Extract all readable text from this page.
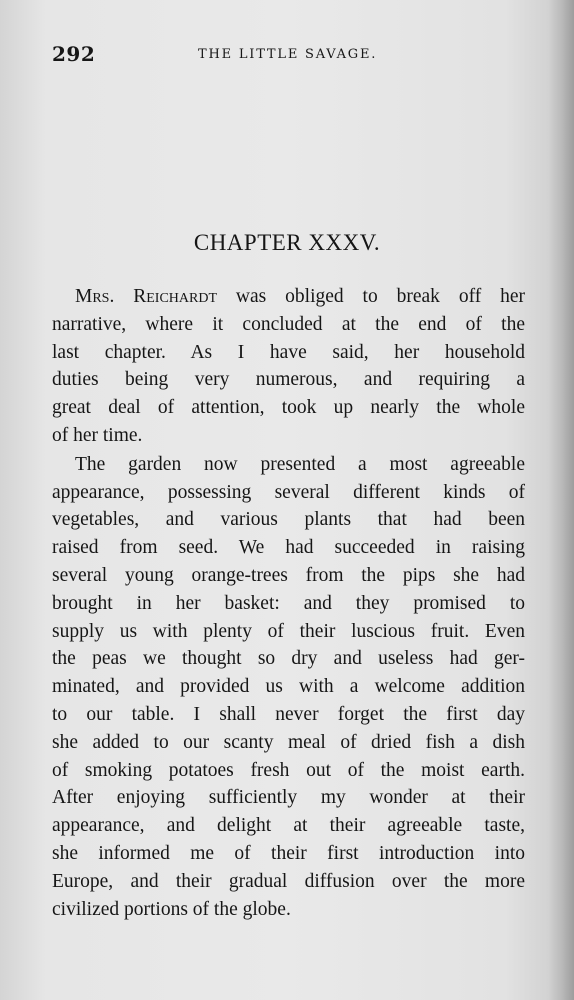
292	THE LITTLE SAVAGE.
CHAPTER XXXV.
Mrs. Reichardt was obliged to break off her
narrative, where it concluded at the end of the
last chapter. As I have said, her household
duties being very numerous, and requiring a
great deal of attention, took up nearly the whole
of her time.
The garden now presented a most agreeable
appearance, possessing several different kinds of
vegetables, and various plants that had been
raised from seed. We had succeeded in raising
several young orange-trees from the pips she had
brought in her basket: and they promised to
supply us with plenty of their luscious fruit. Even
the peas we thought so dry and useless had ger-
minated, and provided us with a welcome addition
to our table. I shall never forget the first day
she added to our scanty meal of dried fish a dish
of smoking potatoes fresh out of the moist earth.
After enjoying sufficiently my wonder at their
appearance, and delight at their agreeable taste,
she informed me of their first introduction into
Europe, and their gradual diffusion over the more
civilized portions of the globe.
